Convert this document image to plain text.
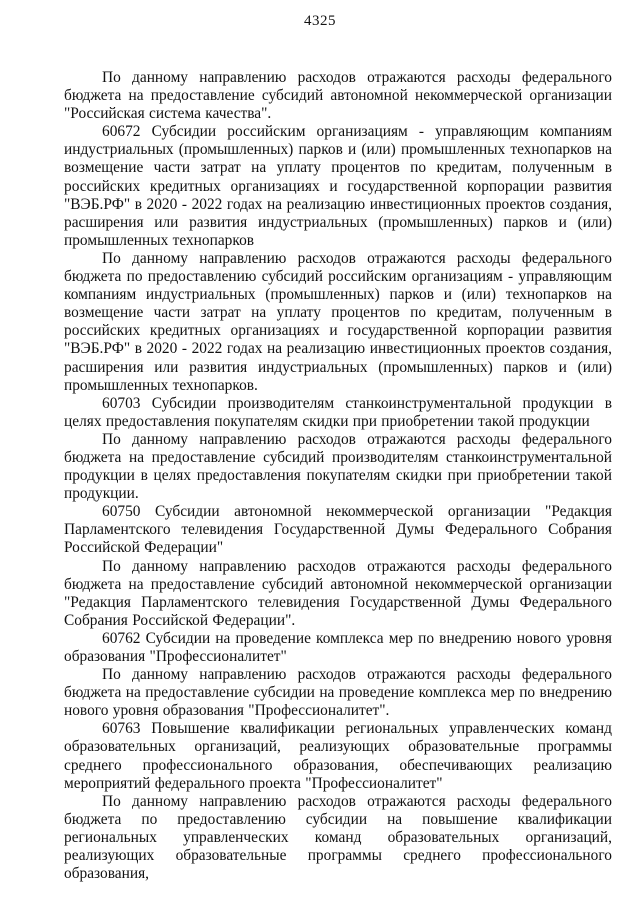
4325

По данному направлению расходов отражаются расходы федерального бюджета на предоставление субсидий автономной некоммерческой организации "Российская система качества".

60672 Субсидии российским организациям - управляющим компаниям индустриальных (промышленных) парков и (или) промышленных технопарков на возмещение части затрат на уплату процентов по кредитам, полученным в российских кредитных организациях и государственной корпорации развития "ВЭБ.РФ" в 2020 - 2022 годах на реализацию инвестиционных проектов создания, расширения или развития индустриальных (промышленных) парков и (или) промышленных технопарков

По данному направлению расходов отражаются расходы федерального бюджета по предоставлению субсидий российским организациям - управляющим компаниям индустриальных (промышленных) парков и (или) технопарков на возмещение части затрат на уплату процентов по кредитам, полученным в российских кредитных организациях и государственной корпорации развития "ВЭБ.РФ" в 2020 - 2022 годах на реализацию инвестиционных проектов создания, расширения или развития индустриальных (промышленных) парков и (или) промышленных технопарков.

60703 Субсидии производителям станкоинструментальной продукции в целях предоставления покупателям скидки при приобретении такой продукции

По данному направлению расходов отражаются расходы федерального бюджета на предоставление субсидий производителям станкоинструментальной продукции в целях предоставления покупателям скидки при приобретении такой продукции.

60750 Субсидии автономной некоммерческой организации "Редакция Парламентского телевидения Государственной Думы Федерального Собрания Российской Федерации"

По данному направлению расходов отражаются расходы федерального бюджета на предоставление субсидий автономной некоммерческой организации "Редакция Парламентского телевидения Государственной Думы Федерального Собрания Российской Федерации".

60762 Субсидии на проведение комплекса мер по внедрению нового уровня образования "Профессионалитет"

По данному направлению расходов отражаются расходы федерального бюджета на предоставление субсидии на проведение комплекса мер по внедрению нового уровня образования "Профессионалитет".

60763 Повышение квалификации региональных управленческих команд образовательных организаций, реализующих образовательные программы среднего профессионального образования, обеспечивающих реализацию мероприятий федерального проекта "Профессионалитет"

По данному направлению расходов отражаются расходы федерального бюджета по предоставлению субсидии на повышение квалификации региональных управленческих команд образовательных организаций, реализующих образовательные программы среднего профессионального образования,
